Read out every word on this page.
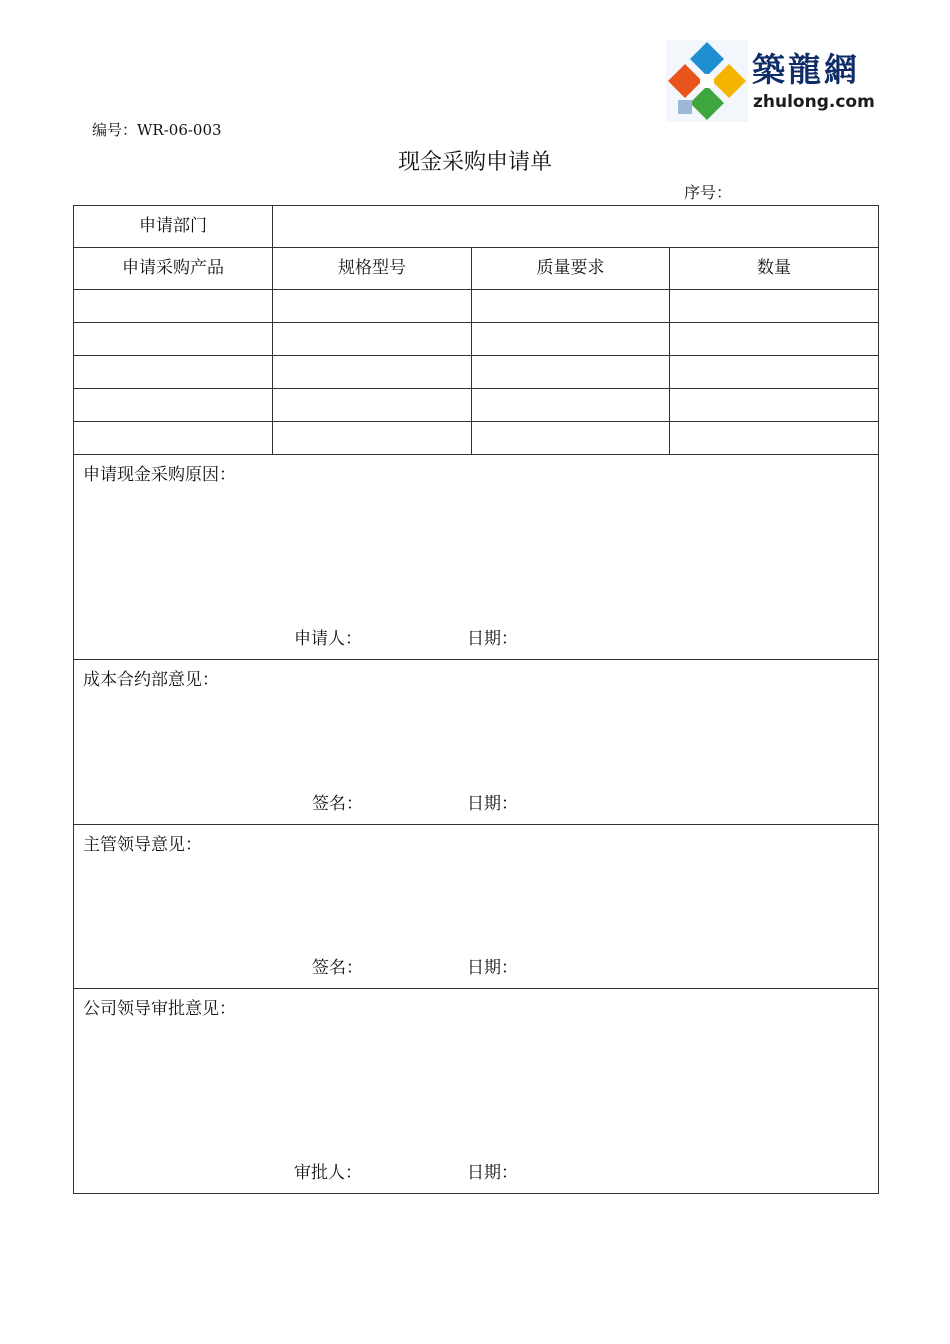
築龍網
zhulong.com
编号：WR-06-003
现金采购申请单
序号：
申请部门			
申请采购产品	规格型号	质量要求	数量

申请现金采购原因：
申请人： 日期：			

成本合约部意见：
签名： 日期：			

主管领导意见：
签名： 日期：			

公司领导审批意见：
审批人： 日期：			
